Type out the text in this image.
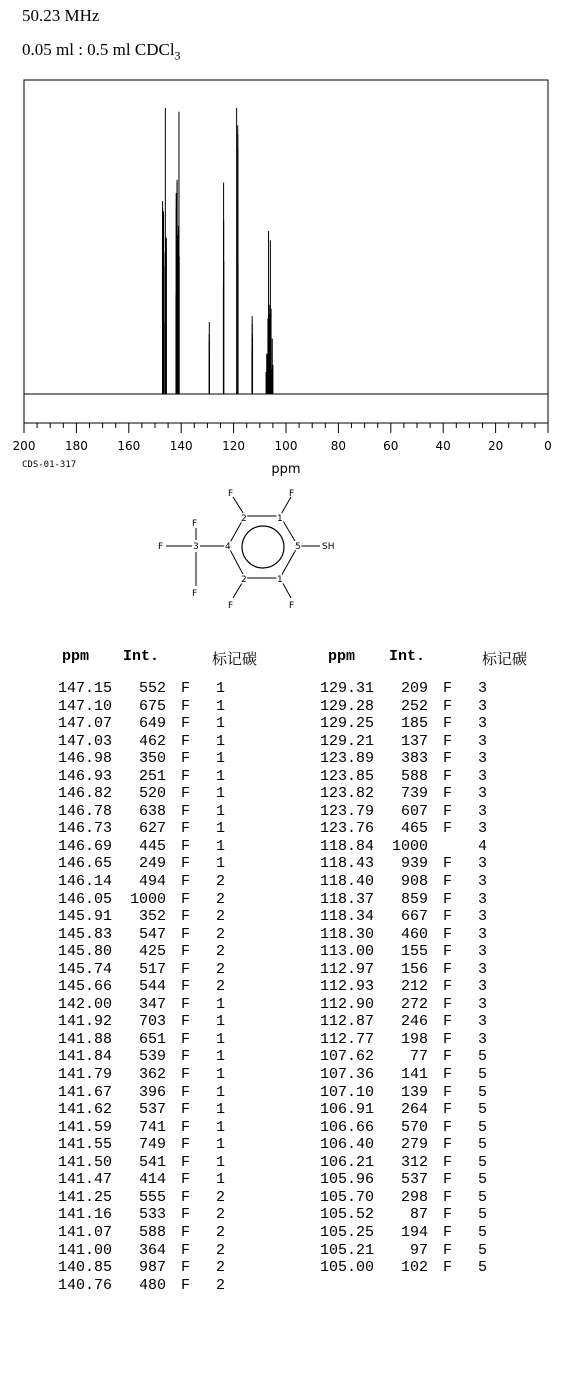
50.23 MHz
0.05 ml : 0.5 ml CDCl$_3$
200 180 160 140 120 100	80	60	40	20	0
ppm
CDS-01-317
F	F
F	F
F
F
F
2	1
2	1
3	4	5 SH
ppm Int.	标记碳	ppm Int.	标记碳
147.15	552 F 1
147.10	675 F 1
147.07	649 F 1
147.03	462 F 1
146.98	350 F 1
146.93	251 F 1
146.82	520 F 1
146.78	638 F 1
146.73	627 F 1
146.69	445 F 1
146.65	249 F 1
146.14	494 F 2
146.05	1000 F 2
145.91	352 F 2
145.83	547 F 2
145.80	425 F 2
145.74	517 F 2
145.66	544 F 2
142.00	347 F 1
141.92	703 F 1
141.88	651 F 1
141.84	539 F 1
141.79	362 F 1
141.67	396 F 1
141.62	537 F 1
141.59	741 F 1
141.55	749 F 1
141.50	541 F 1
141.47	414 F 1
141.25	555 F 2
141.16	533 F 2
141.07	588 F 2
141.00	364 F 2
140.85	987 F 2
140.76	480 F 2
129.31	209 F 3
129.28	252 F 3
129.25	185 F 3
129.21	137 F 3
123.89	383 F 3
123.85	588 F 3
123.82	739 F 3
123.79	607 F 3
123.76	465 F 3
118.84	1000	4
118.43	939 F 3
118.40	908 F 3
118.37	859 F 3
118.34	667 F 3
118.30	460 F 3
113.00	155 F 3
112.97	156 F 3
112.93	212 F 3
112.90	272 F 3
112.87	246 F 3
112.77	198 F 3
107.62	77 F 5
107.36	141 F 5
107.10	139 F 5
106.91	264 F 5
106.66	570 F 5
106.40	279 F 5
106.21	312 F 5
105.96	537 F 5
105.70	298 F 5
105.52	87 F 5
105.25	194 F 5
105.21	97 F 5
105.00	102 F 5
